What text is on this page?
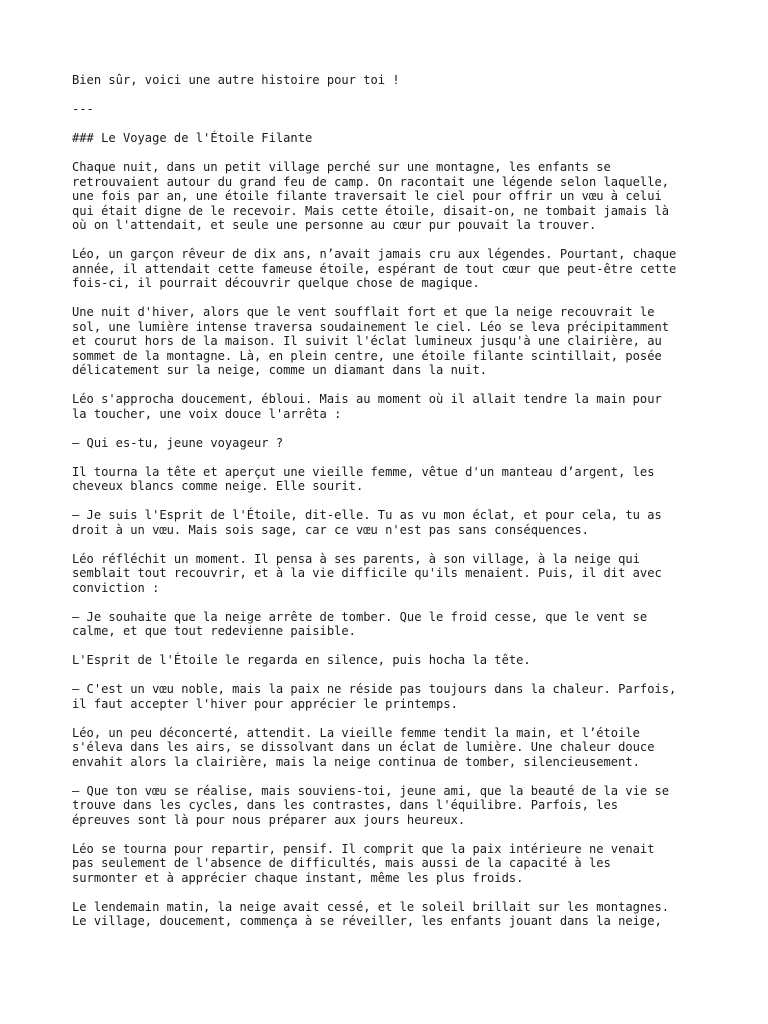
Bien sûr, voici une autre histoire pour toi !

---

### Le Voyage de l'Étoile Filante

Chaque nuit, dans un petit village perché sur une montagne, les enfants se
retrouvaient autour du grand feu de camp. On racontait une légende selon laquelle,
une fois par an, une étoile filante traversait le ciel pour offrir un vœu à celui
qui était digne de le recevoir. Mais cette étoile, disait-on, ne tombait jamais là
où on l'attendait, et seule une personne au cœur pur pouvait la trouver.

Léo, un garçon rêveur de dix ans, n’avait jamais cru aux légendes. Pourtant, chaque
année, il attendait cette fameuse étoile, espérant de tout cœur que peut-être cette
fois-ci, il pourrait découvrir quelque chose de magique.

Une nuit d'hiver, alors que le vent soufflait fort et que la neige recouvrait le
sol, une lumière intense traversa soudainement le ciel. Léo se leva précipitamment
et courut hors de la maison. Il suivit l'éclat lumineux jusqu'à une clairière, au
sommet de la montagne. Là, en plein centre, une étoile filante scintillait, posée
délicatement sur la neige, comme un diamant dans la nuit.

Léo s'approcha doucement, ébloui. Mais au moment où il allait tendre la main pour
la toucher, une voix douce l'arrêta :

– Qui es-tu, jeune voyageur ?

Il tourna la tête et aperçut une vieille femme, vêtue d'un manteau d’argent, les
cheveux blancs comme neige. Elle sourit.

– Je suis l'Esprit de l'Étoile, dit-elle. Tu as vu mon éclat, et pour cela, tu as
droit à un vœu. Mais sois sage, car ce vœu n'est pas sans conséquences.

Léo réfléchit un moment. Il pensa à ses parents, à son village, à la neige qui
semblait tout recouvrir, et à la vie difficile qu'ils menaient. Puis, il dit avec
conviction :

– Je souhaite que la neige arrête de tomber. Que le froid cesse, que le vent se
calme, et que tout redevienne paisible.

L'Esprit de l'Étoile le regarda en silence, puis hocha la tête.

– C'est un vœu noble, mais la paix ne réside pas toujours dans la chaleur. Parfois,
il faut accepter l'hiver pour apprécier le printemps.

Léo, un peu déconcerté, attendit. La vieille femme tendit la main, et l’étoile
s'éleva dans les airs, se dissolvant dans un éclat de lumière. Une chaleur douce
envahit alors la clairière, mais la neige continua de tomber, silencieusement.

– Que ton vœu se réalise, mais souviens-toi, jeune ami, que la beauté de la vie se
trouve dans les cycles, dans les contrastes, dans l'équilibre. Parfois, les
épreuves sont là pour nous préparer aux jours heureux.

Léo se tourna pour repartir, pensif. Il comprit que la paix intérieure ne venait
pas seulement de l'absence de difficultés, mais aussi de la capacité à les
surmonter et à apprécier chaque instant, même les plus froids.

Le lendemain matin, la neige avait cessé, et le soleil brillait sur les montagnes.
Le village, doucement, commença à se réveiller, les enfants jouant dans la neige,
